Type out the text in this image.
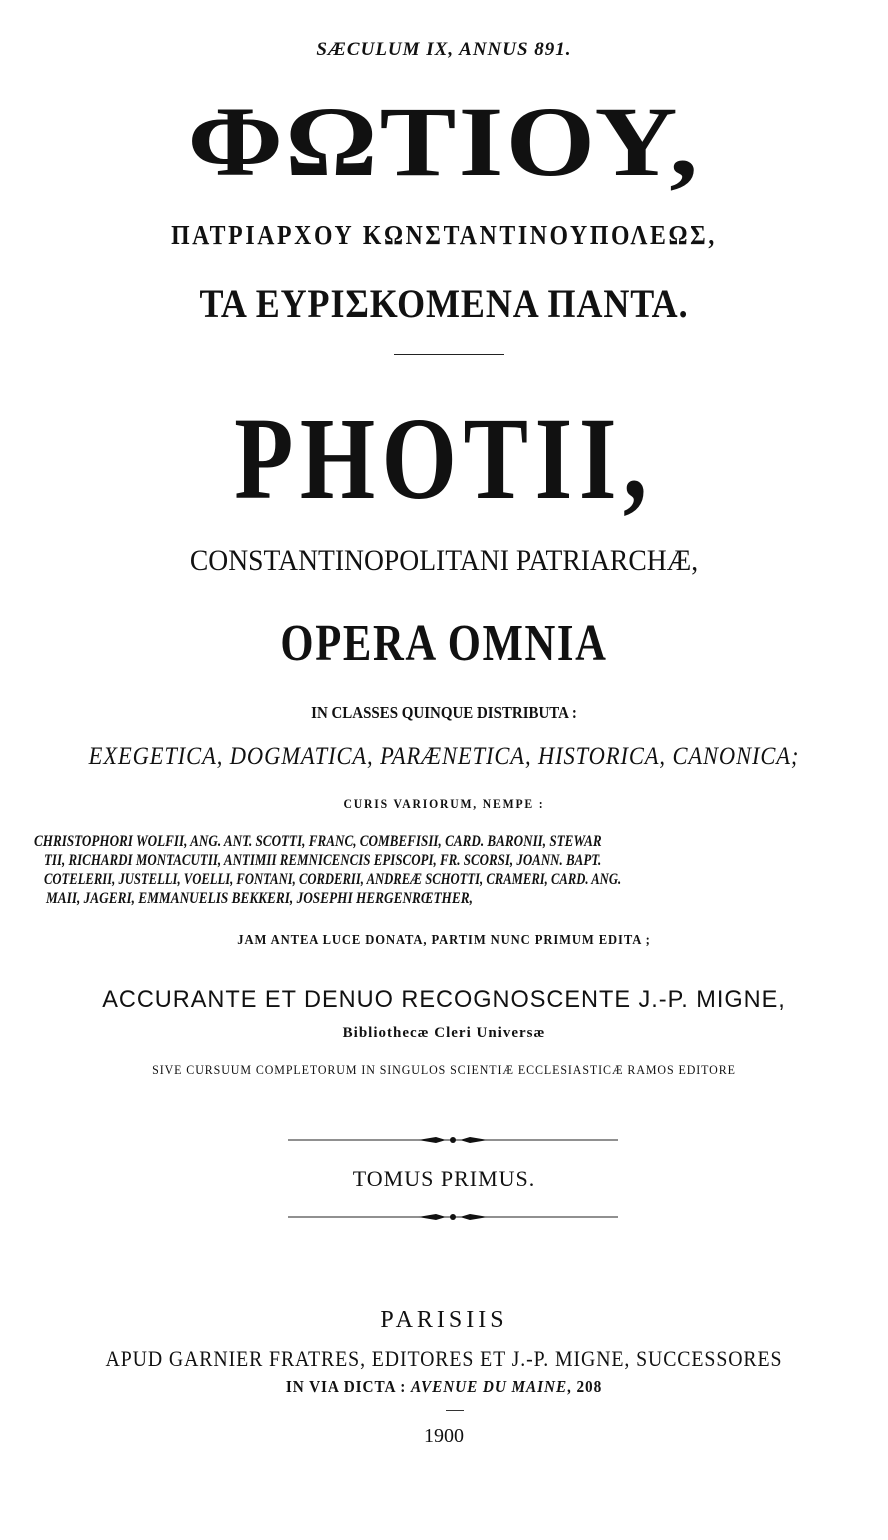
SÆCULUM IX, ANNUS 891.
ΦΩΤΙΟΥ,
ΠΑΤΡΙΑΡΧΟΥ ΚΩΝΣΤΑΝΤΙΝΟΥΠΟΛΕΩΣ,
ΤΑ ΕΥΡΙΣΚΟΜΕΝΑ ΠΑΝΤΑ.
PHOTII,
CONSTANTINOPOLITANI PATRIARCHÆ,
OPERA OMNIA
IN CLASSES QUINQUE DISTRIBUTA :
EXEGETICA, DOGMATICA, PARÆNETICA, HISTORICA, CANONICA;
CURIS VARIORUM, NEMPE :
CHRISTOPHORI WOLFII, ANG. ANT. SCOTTI, FRANC, COMBEFISII, CARD. BARONII, STEWAR
TII, RICHARDI MONTACUTII, ANTIMII REMNICENCIS EPISCOPI, FR. SCORSI, JOANN. BAPT.
COTELERII, JUSTELLI, VOELLI, FONTANI, CORDERII, ANDREÆ SCHOTTI, CRAMERI, CARD. ANG.
MAII, JAGERI, EMMANUELIS BEKKERI, JOSEPHI HERGENRŒTHER,
JAM ANTEA LUCE DONATA, PARTIM NUNC PRIMUM EDITA ;
ACCURANTE ET DENUO RECOGNOSCENTE J.-P. MIGNE,
Bibliothecæ Cleri Universæ
SIVE CURSUUM COMPLETORUM IN SINGULOS SCIENTIÆ ECCLESIASTICÆ RAMOS EDITORE
TOMUS PRIMUS.
PARISIIS
APUD GARNIER FRATRES, EDITORES ET J.-P. MIGNE, SUCCESSORES
IN VIA DICTA : AVENUE DU MAINE, 208
1900
